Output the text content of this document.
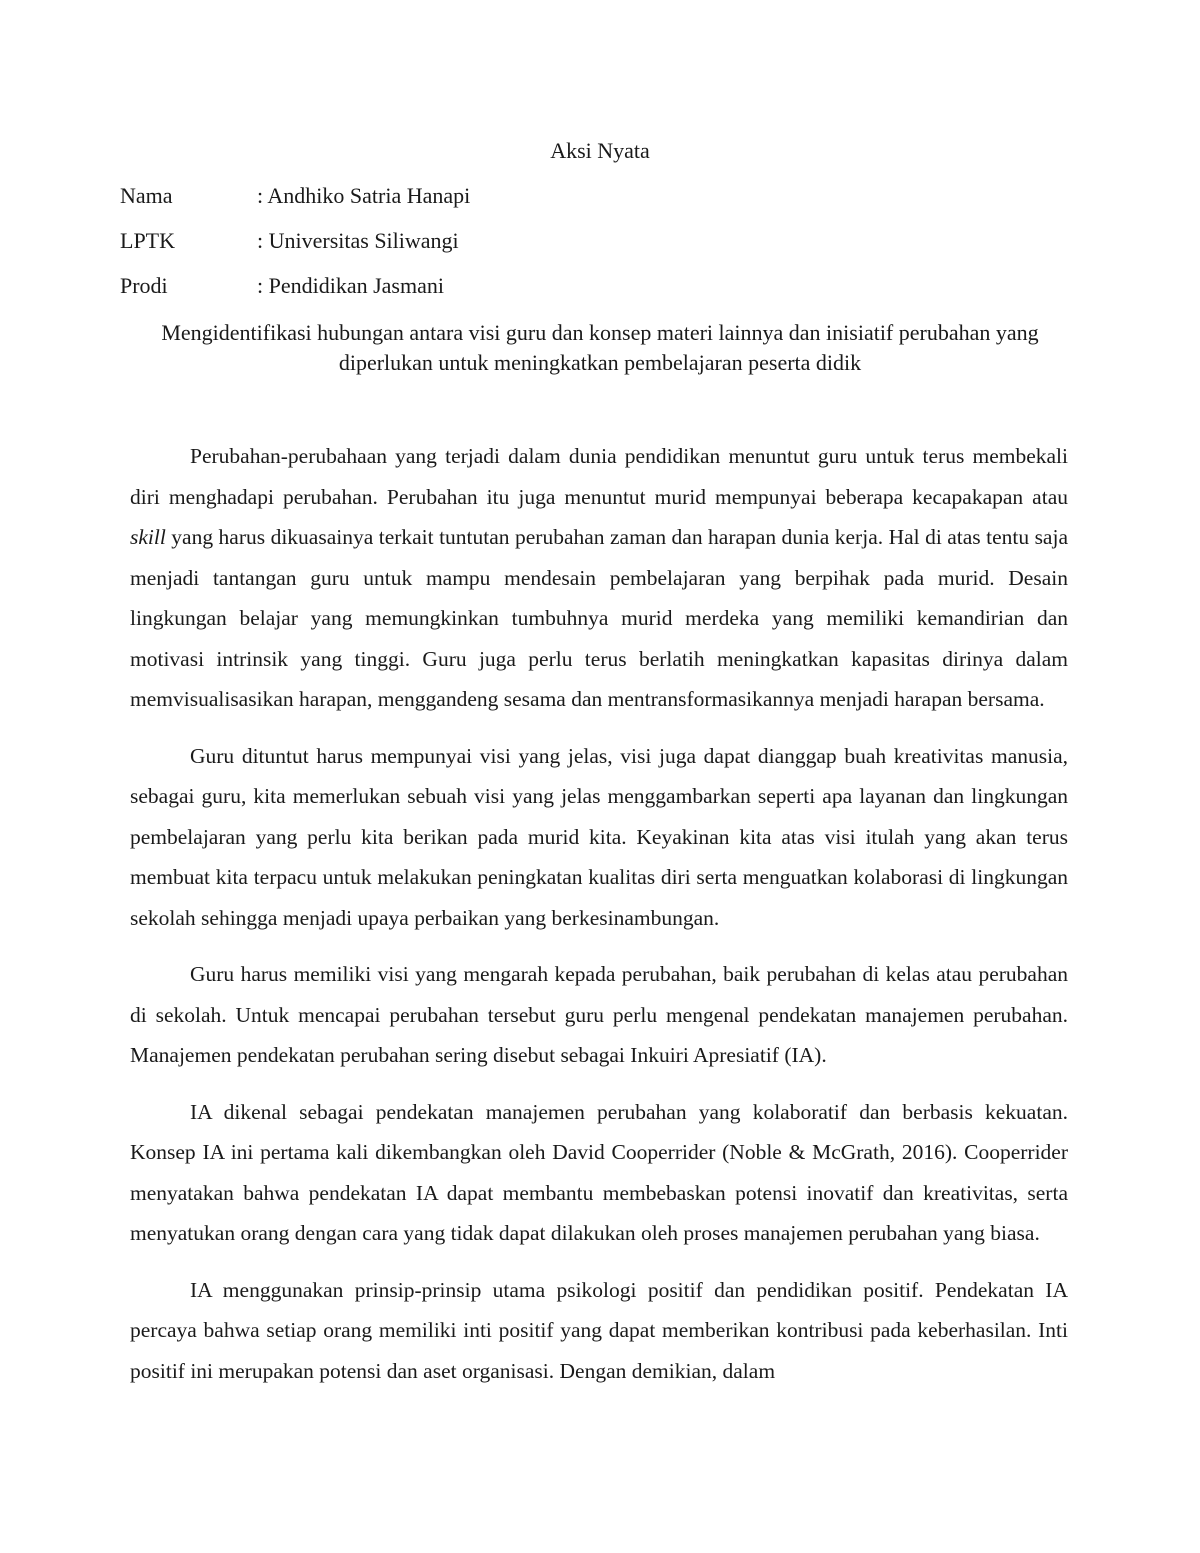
Aksi Nyata
Nama	: Andhiko Satria Hanapi
LPTK	: Universitas Siliwangi
Prodi	: Pendidikan Jasmani
Mengidentifikasi hubungan antara visi guru dan konsep materi lainnya dan inisiatif perubahan yang diperlukan untuk meningkatkan pembelajaran peserta didik

Perubahan-perubahaan yang terjadi dalam dunia pendidikan menuntut guru untuk terus membekali diri menghadapi perubahan. Perubahan itu juga menuntut murid mempunyai beberapa kecapakapan atau skill yang harus dikuasainya terkait tuntutan perubahan zaman dan harapan dunia kerja. Hal di atas tentu saja menjadi tantangan guru untuk mampu mendesain pembelajaran yang berpihak pada murid. Desain lingkungan belajar yang memungkinkan tumbuhnya murid merdeka yang memiliki kemandirian dan motivasi intrinsik yang tinggi. Guru juga perlu terus berlatih meningkatkan kapasitas dirinya dalam memvisualisasikan harapan, menggandeng sesama dan mentransformasikannya menjadi harapan bersama.

Guru dituntut harus mempunyai visi yang jelas, visi juga dapat dianggap buah kreativitas manusia, sebagai guru, kita memerlukan sebuah visi yang jelas menggambarkan seperti apa layanan dan lingkungan pembelajaran yang perlu kita berikan pada murid kita. Keyakinan kita atas visi itulah yang akan terus membuat kita terpacu untuk melakukan peningkatan kualitas diri serta menguatkan kolaborasi di lingkungan sekolah sehingga menjadi upaya perbaikan yang berkesinambungan.

Guru harus memiliki visi yang mengarah kepada perubahan, baik perubahan di kelas atau perubahan di sekolah. Untuk mencapai perubahan tersebut guru perlu mengenal pendekatan manajemen perubahan. Manajemen pendekatan perubahan sering disebut sebagai Inkuiri Apresiatif (IA).

IA dikenal sebagai pendekatan manajemen perubahan yang kolaboratif dan berbasis kekuatan. Konsep IA ini pertama kali dikembangkan oleh David Cooperrider (Noble & McGrath, 2016). Cooperrider menyatakan bahwa pendekatan IA dapat membantu membebaskan potensi inovatif dan kreativitas, serta menyatukan orang dengan cara yang tidak dapat dilakukan oleh proses manajemen perubahan yang biasa.

IA menggunakan prinsip-prinsip utama psikologi positif dan pendidikan positif. Pendekatan IA percaya bahwa setiap orang memiliki inti positif yang dapat memberikan kontribusi pada keberhasilan. Inti positif ini merupakan potensi dan aset organisasi. Dengan demikian, dalam
